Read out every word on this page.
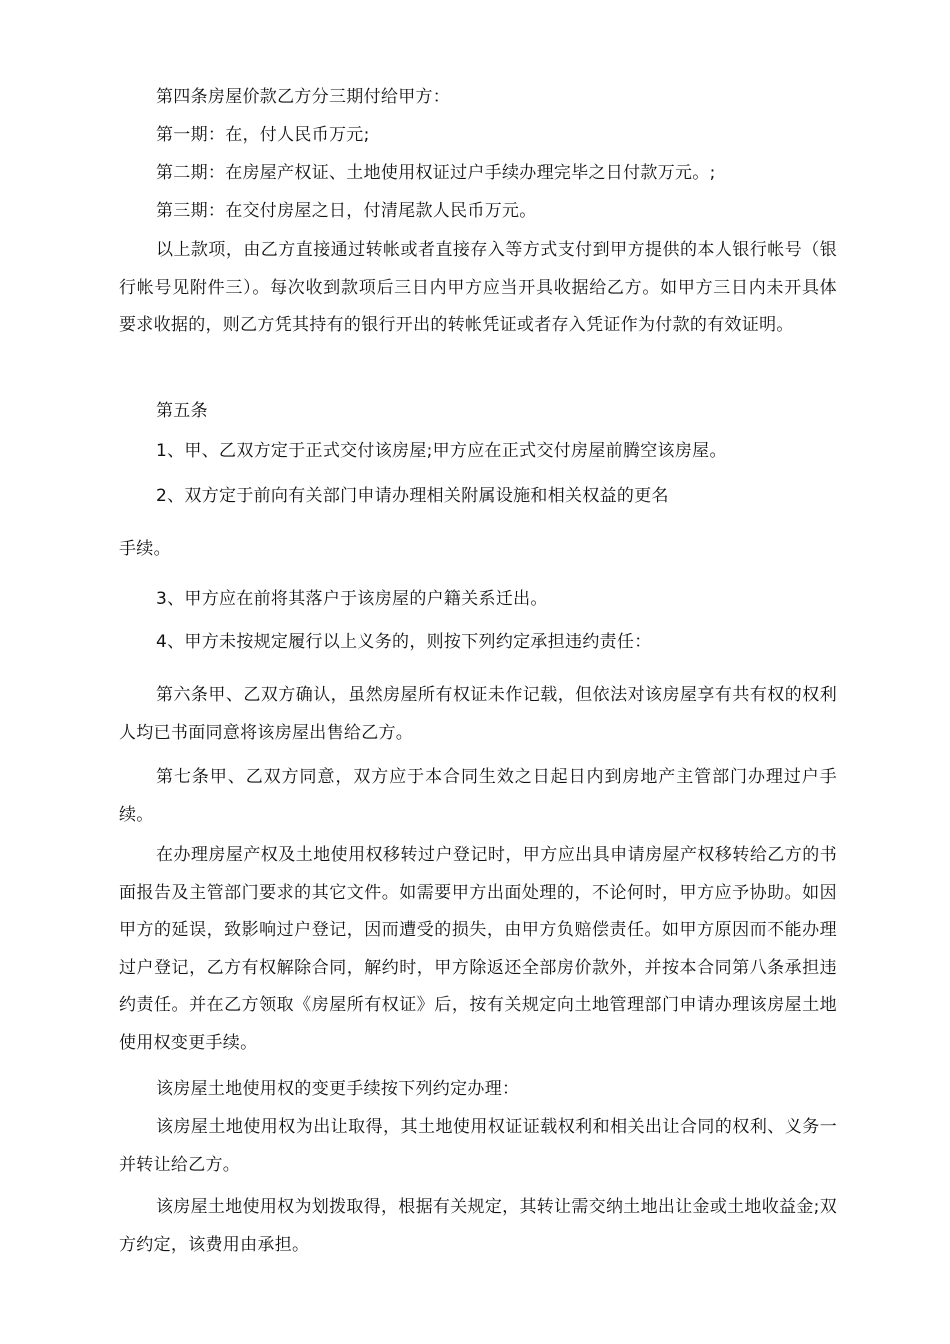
第四条房屋价款乙方分三期付给甲方：

第一期：在，付人民币万元;

第二期：在房屋产权证、土地使用权证过户手续办理完毕之日付款万元。;

第三期：在交付房屋之日，付清尾款人民币万元。

以上款项，由乙方直接通过转帐或者直接存入等方式支付到甲方提供的本人银行帐号（银行帐号见附件三）。每次收到款项后三日内甲方应当开具收据给乙方。如甲方三日内未开具体要求收据的，则乙方凭其持有的银行开出的转帐凭证或者存入凭证作为付款的有效证明。

第五条

1、甲、乙双方定于正式交付该房屋;甲方应在正式交付房屋前腾空该房屋。

2、双方定于前向有关部门申请办理相关附属设施和相关权益的更名

手续。

3、甲方应在前将其落户于该房屋的户籍关系迁出。

4、甲方未按规定履行以上义务的，则按下列约定承担违约责任：

第六条甲、乙双方确认，虽然房屋所有权证未作记载，但依法对该房屋享有共有权的权利人均已书面同意将该房屋出售给乙方。

第七条甲、乙双方同意，双方应于本合同生效之日起日内到房地产主管部门办理过户手续。

在办理房屋产权及土地使用权移转过户登记时，甲方应出具申请房屋产权移转给乙方的书面报告及主管部门要求的其它文件。如需要甲方出面处理的，不论何时，甲方应予协助。如因甲方的延误，致影响过户登记，因而遭受的损失，由甲方负赔偿责任。如甲方原因而不能办理过户登记，乙方有权解除合同，解约时，甲方除返还全部房价款外，并按本合同第八条承担违约责任。并在乙方领取《房屋所有权证》后，按有关规定向土地管理部门申请办理该房屋土地使用权变更手续。

该房屋土地使用权的变更手续按下列约定办理：

该房屋土地使用权为出让取得，其土地使用权证证载权利和相关出让合同的权利、义务一并转让给乙方。

该房屋土地使用权为划拨取得，根据有关规定，其转让需交纳土地出让金或土地收益金;双方约定，该费用由承担。
